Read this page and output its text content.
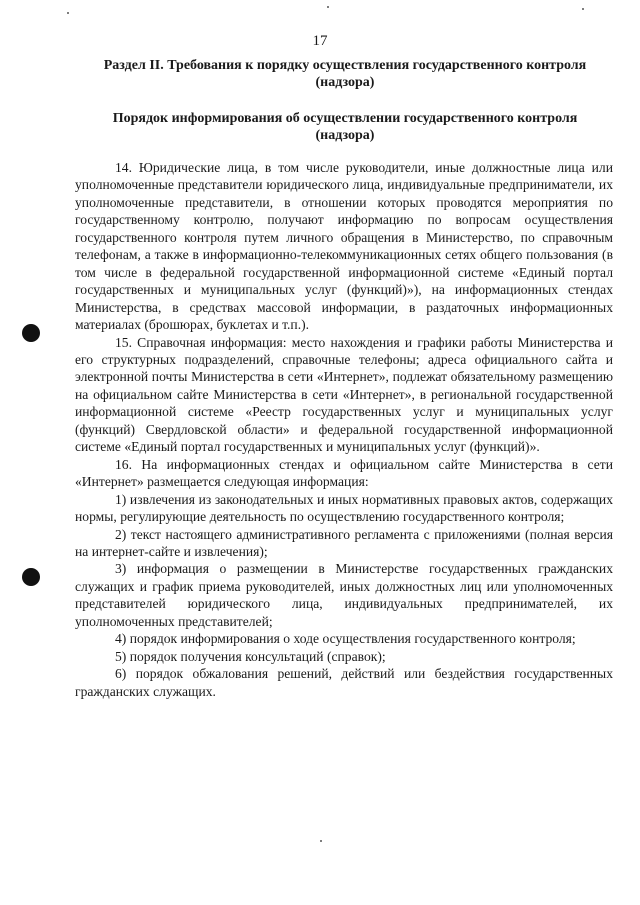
17
Раздел II. Требования к порядку осуществления государственного контроля (надзора)
Порядок информирования об осуществлении государственного контроля (надзора)

14. Юридические лица, в том числе руководители, иные должностные лица или уполномоченные представители юридического лица, индивидуальные предприниматели, их уполномоченные представители, в отношении которых проводятся мероприятия по государственному контролю, получают информацию по вопросам осуществления государственного контроля путем личного обращения в Министерство, по справочным телефонам, а также в информационно-телекоммуникационных сетях общего пользования (в том числе в федеральной государственной информационной системе «Единый портал государственных и муниципальных услуг (функций)»), на информационных стендах Министерства, в средствах массовой информации, в раздаточных информационных материалах (брошюрах, буклетах и т.п.).

15. Справочная информация: место нахождения и графики работы Министерства и его структурных подразделений, справочные телефоны; адреса официального сайта и электронной почты Министерства в сети «Интернет», подлежат обязательному размещению на официальном сайте Министерства в сети «Интернет», в региональной государственной информационной системе «Реестр государственных услуг и муниципальных услуг (функций) Свердловской области» и федеральной государственной информационной системе «Единый портал государственных и муниципальных услуг (функций)».

16. На информационных стендах и официальном сайте Министерства в сети «Интернет» размещается следующая информация:

1) извлечения из законодательных и иных нормативных правовых актов, содержащих нормы, регулирующие деятельность по осуществлению государственного контроля;

2) текст настоящего административного регламента с приложениями (полная версия на интернет-сайте и извлечения);

3) информация о размещении в Министерстве государственных гражданских служащих и график приема руководителей, иных должностных лиц или уполномоченных представителей юридического лица, индивидуальных предпринимателей, их уполномоченных представителей;

4) порядок информирования о ходе осуществления государственного контроля;

5) порядок получения консультаций (справок);

6) порядок обжалования решений, действий или бездействия государственных гражданских служащих.
